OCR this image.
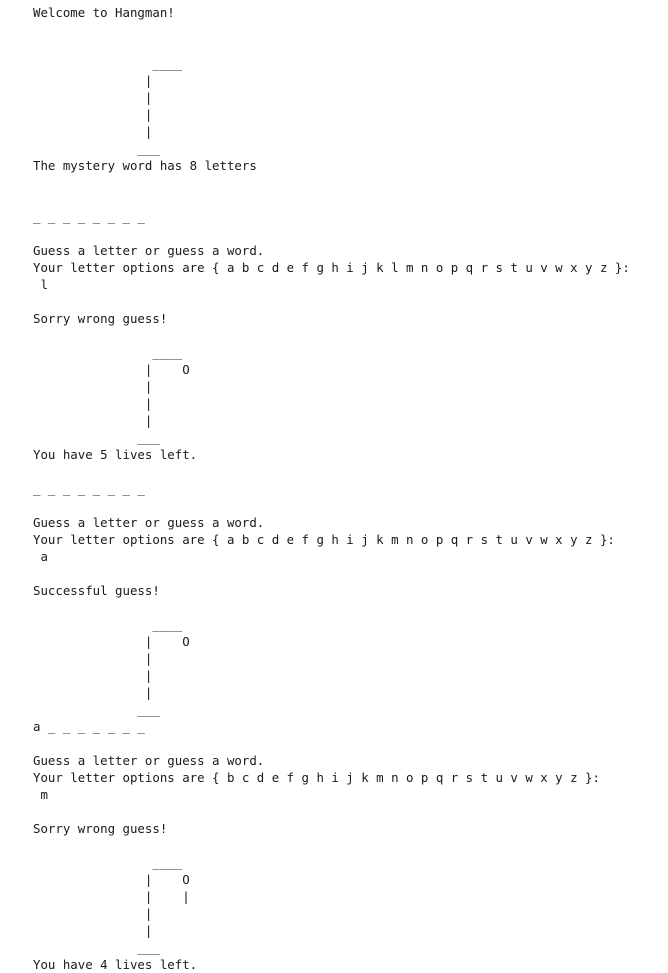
Welcome to Hangman!
____
|
|
|
|
___
The mystery word has 8 letters
_ _ _ _ _ _ _ _
Guess a letter or guess a word.
Your letter options are { a b c d e f g h i j k l m n o p q r s t u v w x y z }:
l
Sorry wrong guess!
____
|    O
|
|
|
___
You have 5 lives left.
_ _ _ _ _ _ _ _
Guess a letter or guess a word.
Your letter options are { a b c d e f g h i j k m n o p q r s t u v w x y z }:
a
Successful guess!
____
|    O
|
|
|
___
a _ _ _ _ _ _ _
Guess a letter or guess a word.
Your letter options are { b c d e f g h i j k m n o p q r s t u v w x y z }:
m
Sorry wrong guess!
____
|    O
|    |
|
|
___
You have 4 lives left.
